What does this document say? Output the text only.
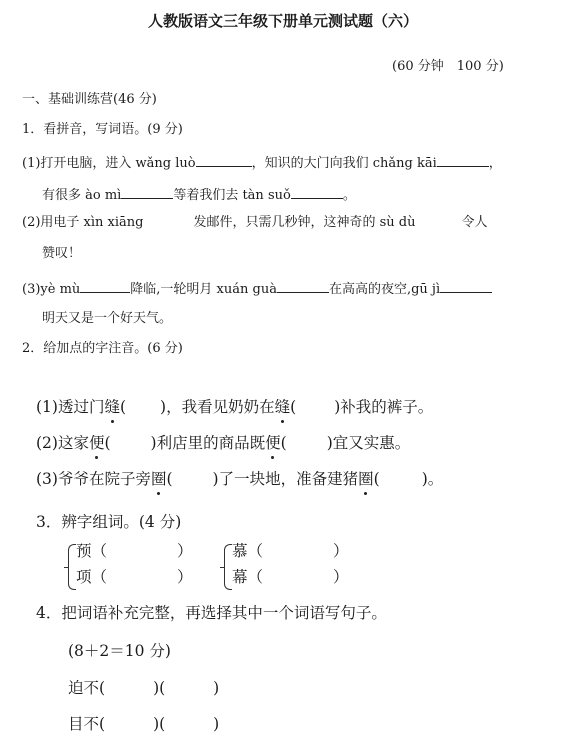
人教版语文三年级下册单元测试题（六）
(60 分钟　100 分)
一、基础训练营(46 分)
1．看拼音，写词语。(9 分)
(1)打开电脑，进入 wǎng luò	，知识的大门向我们 chǎng kāi	，
有很多 ào mì	等着我们去 tàn suǒ	。
(2)用电子 xìn xiāng	发邮件，只需几秒钟，这神奇的 sù dù	令人
赞叹！
(3)yè mù	降临,一轮明月 xuán guà	在高高的夜空,gū jì
明天又是一个好天气。
2．给加点的字注音。(6 分)
(1)透过门缝( )，我看见奶奶在缝( )补我的裤子。
(2)这家便(	)利店里的商品既便(	)宜又实惠。
(3)爷爷在院子旁圈(	)了一块地，准备建猪圈(	)。
3．辨字组词。(4 分)
预（	）
项（	）
慕（	）
幕（	）
4．把词语补充完整，再选择其中一个词语写句子。
(8＋2＝10 分)
迫不(	)(	)
目不(	)(	)
